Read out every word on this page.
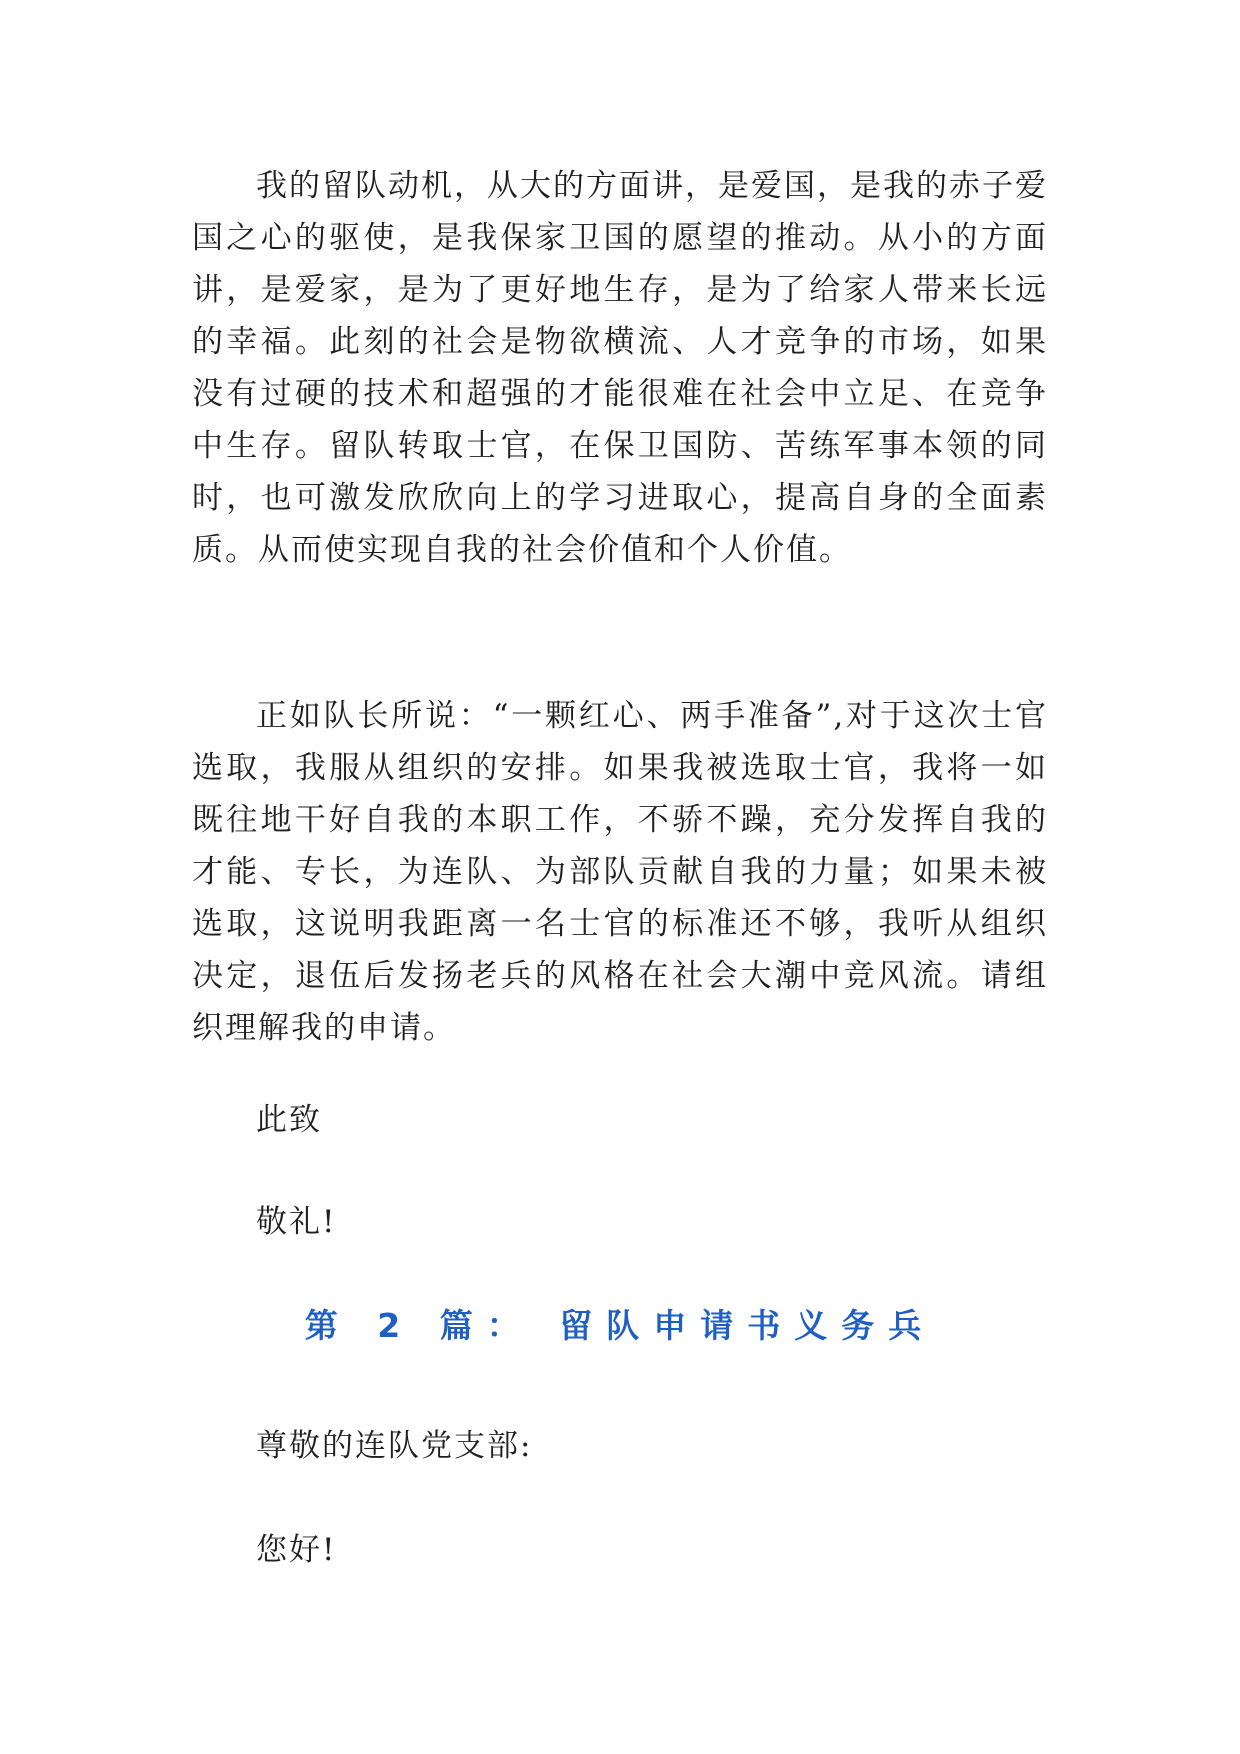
我的留队动机，从大的方面讲，是爱国，是我的赤子爱国之心的驱使，是我保家卫国的愿望的推动。从小的方面讲，是爱家，是为了更好地生存，是为了给家人带来长远的幸福。此刻的社会是物欲横流、人才竞争的市场，如果没有过硬的技术和超强的才能很难在社会中立足、在竞争中生存。留队转取士官，在保卫国防、苦练军事本领的同时，也可激发欣欣向上的学习进取心，提高自身的全面素质。从而使实现自我的社会价值和个人价值。

正如队长所说：“一颗红心、两手准备”,对于这次士官选取，我服从组织的安排。如果我被选取士官，我将一如既往地干好自我的本职工作，不骄不躁，充分发挥自我的才能、专长，为连队、为部队贡献自我的力量；如果未被选取，这说明我距离一名士官的标准还不够，我听从组织决定，退伍后发扬老兵的风格在社会大潮中竞风流。请组织理解我的申请。

此致

敬礼!

第 2 篇： 留队申请书义务兵

尊敬的连队党支部:

您好!
